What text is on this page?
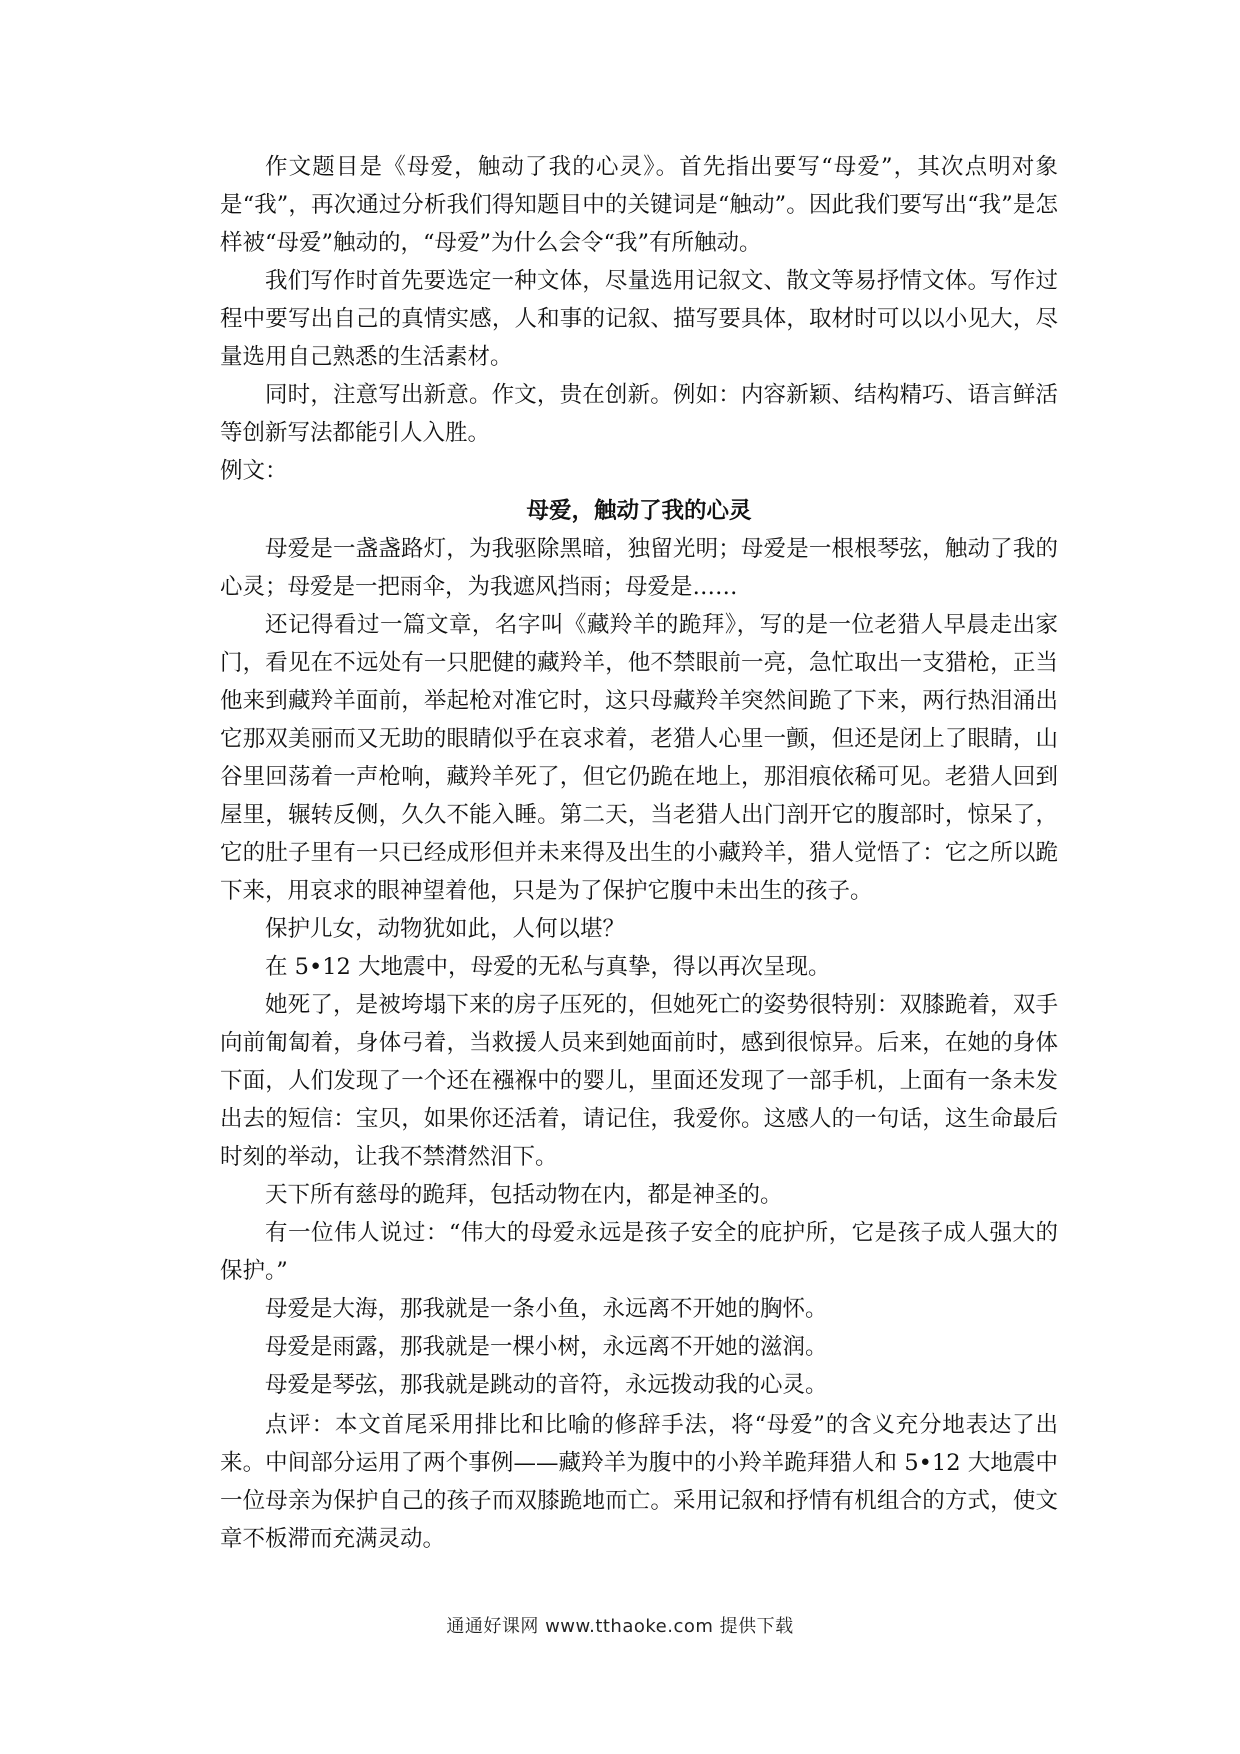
作文题目是《母爱，触动了我的心灵》。首先指出要写“母爱”，其次点明对象是“我”，再次通过分析我们得知题目中的关键词是“触动”。因此我们要写出“我”是怎样被“母爱”触动的，“母爱”为什么会令“我”有所触动。

我们写作时首先要选定一种文体，尽量选用记叙文、散文等易抒情文体。写作过程中要写出自己的真情实感，人和事的记叙、描写要具体，取材时可以以小见大，尽量选用自己熟悉的生活素材。

同时，注意写出新意。作文，贵在创新。例如：内容新颖、结构精巧、语言鲜活等创新写法都能引人入胜。

例文：

母爱，触动了我的心灵

母爱是一盏盏路灯，为我驱除黑暗，独留光明；母爱是一根根琴弦，触动了我的心灵；母爱是一把雨伞，为我遮风挡雨；母爱是……

还记得看过一篇文章，名字叫《藏羚羊的跪拜》，写的是一位老猎人早晨走出家门，看见在不远处有一只肥健的藏羚羊，他不禁眼前一亮，急忙取出一支猎枪，正当他来到藏羚羊面前，举起枪对准它时，这只母藏羚羊突然间跪了下来，两行热泪涌出它那双美丽而又无助的眼睛似乎在哀求着，老猎人心里一颤，但还是闭上了眼睛，山谷里回荡着一声枪响，藏羚羊死了，但它仍跪在地上，那泪痕依稀可见。老猎人回到屋里，辗转反侧，久久不能入睡。第二天，当老猎人出门剖开它的腹部时，惊呆了，它的肚子里有一只已经成形但并未来得及出生的小藏羚羊，猎人觉悟了：它之所以跪下来，用哀求的眼神望着他，只是为了保护它腹中未出生的孩子。

保护儿女，动物犹如此，人何以堪？

在 5•12 大地震中，母爱的无私与真挚，得以再次呈现。

她死了，是被垮塌下来的房子压死的，但她死亡的姿势很特别：双膝跪着，双手向前匍匐着，身体弓着，当救援人员来到她面前时，感到很惊异。后来，在她的身体下面，人们发现了一个还在襁褓中的婴儿，里面还发现了一部手机，上面有一条未发出去的短信：宝贝，如果你还活着，请记住，我爱你。这感人的一句话，这生命最后时刻的举动，让我不禁潸然泪下。

天下所有慈母的跪拜，包括动物在内，都是神圣的。

有一位伟人说过：“伟大的母爱永远是孩子安全的庇护所，它是孩子成人强大的保护。”

母爱是大海，那我就是一条小鱼，永远离不开她的胸怀。

母爱是雨露，那我就是一棵小树，永远离不开她的滋润。

母爱是琴弦，那我就是跳动的音符，永远拨动我的心灵。

点评：本文首尾采用排比和比喻的修辞手法，将“母爱”的含义充分地表达了出来。中间部分运用了两个事例——藏羚羊为腹中的小羚羊跪拜猎人和 5•12 大地震中一位母亲为保护自己的孩子而双膝跪地而亡。采用记叙和抒情有机组合的方式，使文章不板滞而充满灵动。

通通好课网 www.tthaoke.com 提供下载
